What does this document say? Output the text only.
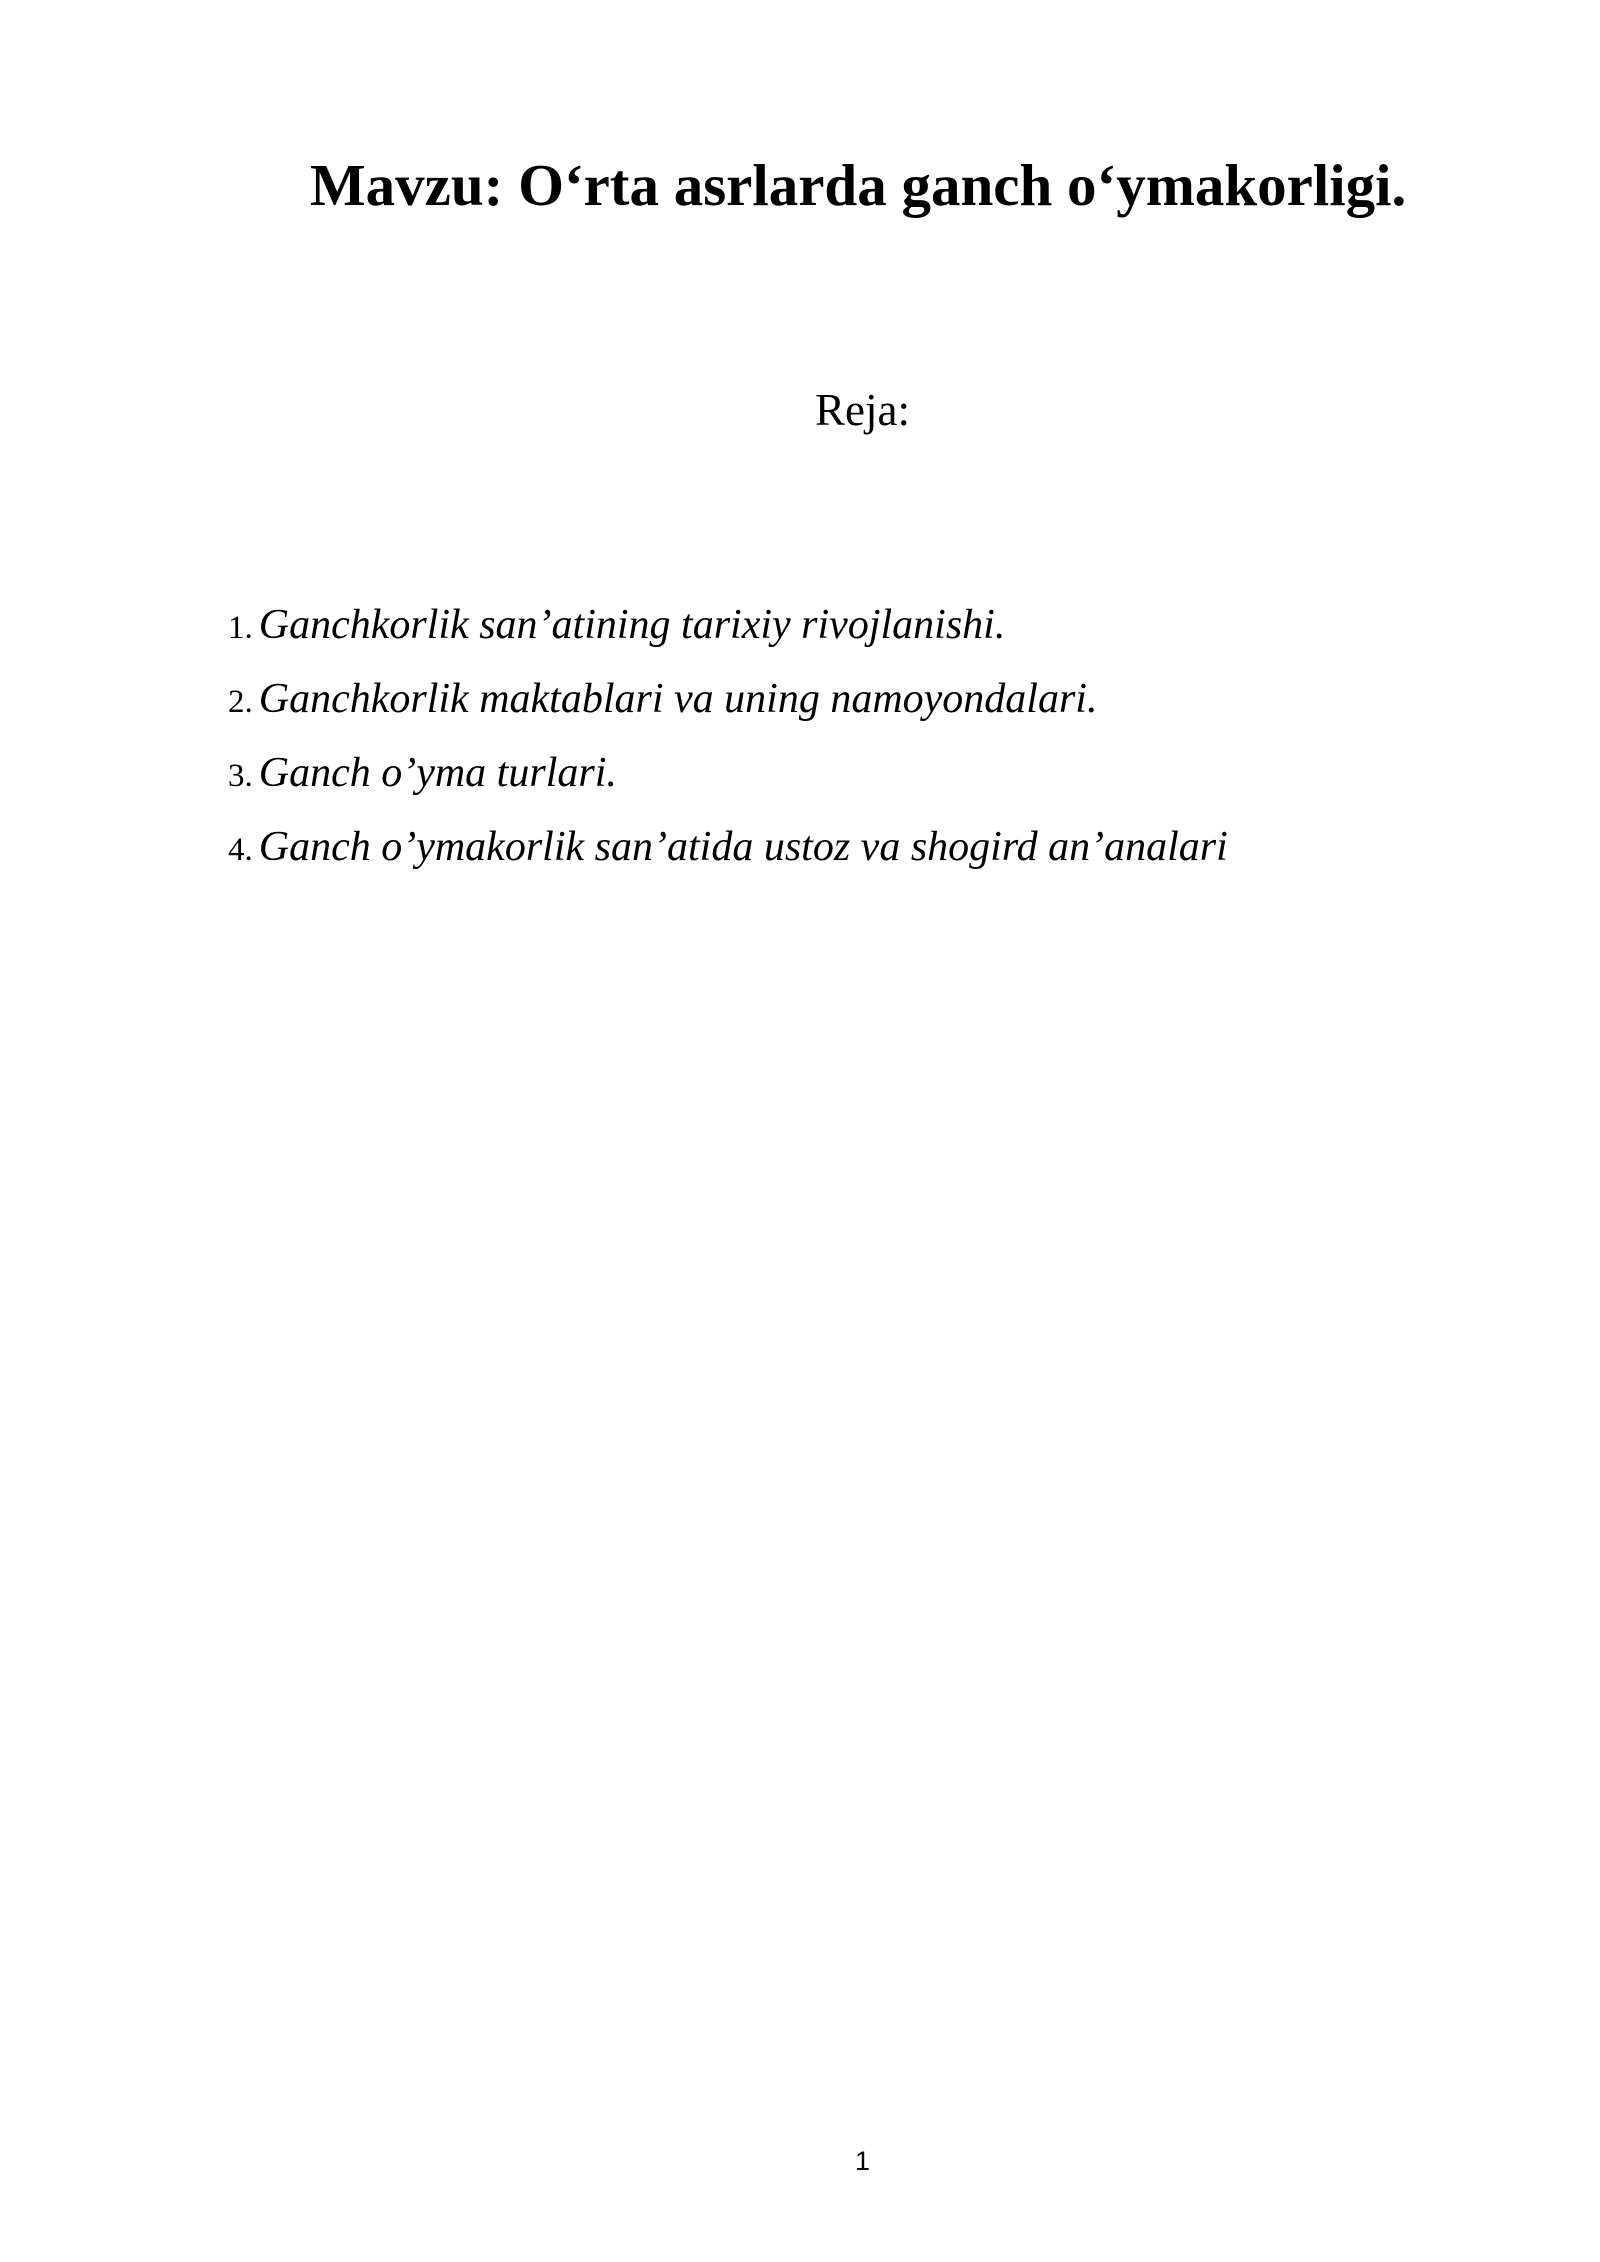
Mavzu: O‘rta asrlarda ganch o‘ymakorligi.
Reja:
1. Ganchkorlik san’atining tarixiy rivojlanishi.
2. Ganchkorlik maktablari va uning namoyondalari.
3. Ganch o’yma turlari.
4. Ganch o’ymakorlik san’atida ustoz va shogird an’analari
1
